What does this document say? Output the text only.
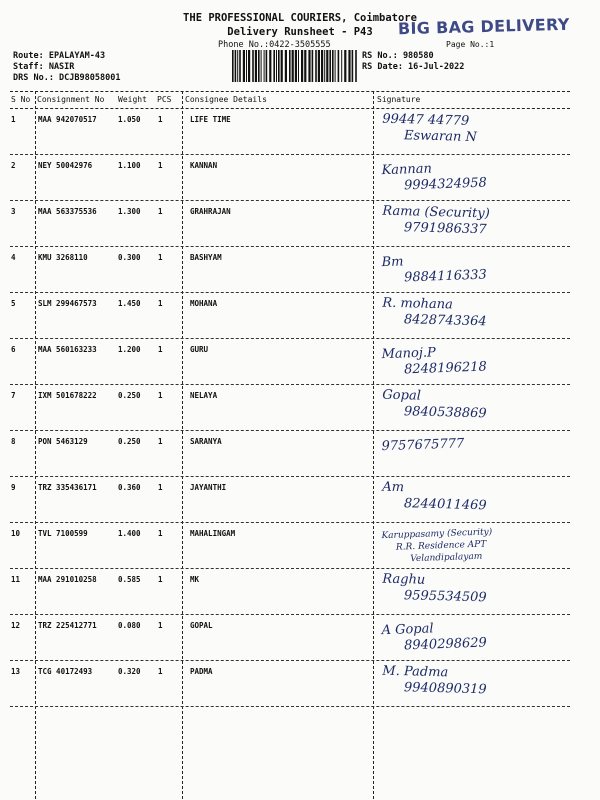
THE PROFESSIONAL COURIERS, Coimbatore
Delivery Runsheet - P43
Phone No.:0422-3505555
BIG BAG DELIVERY
Page No.:1
Route: EPALAYAM-43
Staff: NASIR
DRS No.: DCJB98058001
RS No.: 980580
RS Date: 16-Jul-2022
S No Consignment No Weight PCS Consignee Details	Signature
1	MAA 942070517	1.050 1	LIFE TIME	99447 44779
Eswaran N
2	NEY 50042976	1.100 1	KANNAN	Kannan
9994324958
3	MAA 563375536	1.300 1	GRAHRAJAN	Rama (Security)
9791986337
4	KMU 3268110	0.300 1	BASHYAM	Bm
9884116333
5	SLM 299467573	1.450 1	MOHANA	R. mohana
8428743364
6	MAA 560163233	1.200 1	GURU	Manoj.P
8248196218
7	IXM 501678222	0.250 1	NELAYA	Gopal
9840538869
8	PON 5463129	0.250 1	SARANYA	9757675777
9	TRZ 335436171	0.360 1	JAYANTHI	Am
8244011469
10 TVL 7100599	1.400 1	MAHALINGAM	Karuppasamy (Security)
R.R. Residence APT
Velandipalayam
11 MAA 291010258	0.585 1	MK	Raghu
9595534509
12 TRZ 225412771	0.080 1	GOPAL	A Gopal
8940298629
13 TCG 40172493	0.320 1	PADMA	M. Padma
9940890319
